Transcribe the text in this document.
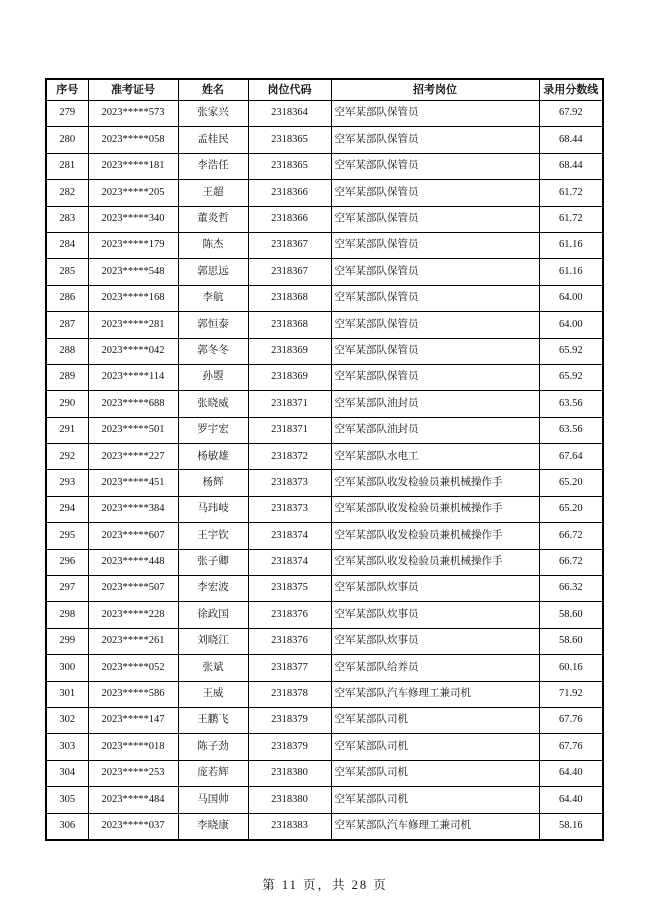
序号	准考证号	姓名	岗位代码	招考岗位	录用分数线
279	2023*****573	张家兴	2318364	空军某部队保管员	67.92
280	2023*****058	孟桂民	2318365	空军某部队保管员	68.44
281	2023*****181	李浩任	2318365	空军某部队保管员	68.44
282	2023*****205	王超	2318366	空军某部队保管员	61.72
283	2023*****340	董炎哲	2318366	空军某部队保管员	61.72
284	2023*****179	陈杰	2318367	空军某部队保管员	61.16
285	2023*****548	郭思远	2318367	空军某部队保管员	61.16
286	2023*****168	李航	2318368	空军某部队保管员	64.00
287	2023*****281	郭恒泰	2318368	空军某部队保管员	64.00
288	2023*****042	郭冬冬	2318369	空军某部队保管员	65.92
289	2023*****114	孙曌	2318369	空军某部队保管员	65.92
290	2023*****688	张晓威	2318371	空军某部队油封员	63.56
291	2023*****501	罗宇宏	2318371	空军某部队油封员	63.56
292	2023*****227	杨敏雄	2318372	空军某部队水电工	67.64
293	2023*****451	杨辉	2318373	空军某部队收发检验员兼机械操作手	65.20
294	2023*****384	马玮岐	2318373	空军某部队收发检验员兼机械操作手	65.20
295	2023*****607	王宇钦	2318374	空军某部队收发检验员兼机械操作手	66.72
296	2023*****448	张子卿	2318374	空军某部队收发检验员兼机械操作手	66.72
297	2023*****507	李宏波	2318375	空军某部队炊事员	66.32
298	2023*****228	徐政国	2318376	空军某部队炊事员	58.60
299	2023*****261	刘晓江	2318376	空军某部队炊事员	58.60
300	2023*****052	张斌	2318377	空军某部队给养员	60.16
301	2023*****586	王威	2318378	空军某部队汽车修理工兼司机	71.92
302	2023*****147	王鹏飞	2318379	空军某部队司机	67.76
303	2023*****018	陈子劲	2318379	空军某部队司机	67.76
304	2023*****253	庞若辉	2318380	空军某部队司机	64.40
305	2023*****484	马国帅	2318380	空军某部队司机	64.40
306	2023*****037	李晓康	2318383	空军某部队汽车修理工兼司机	58.16
第 11 页，共 28 页
